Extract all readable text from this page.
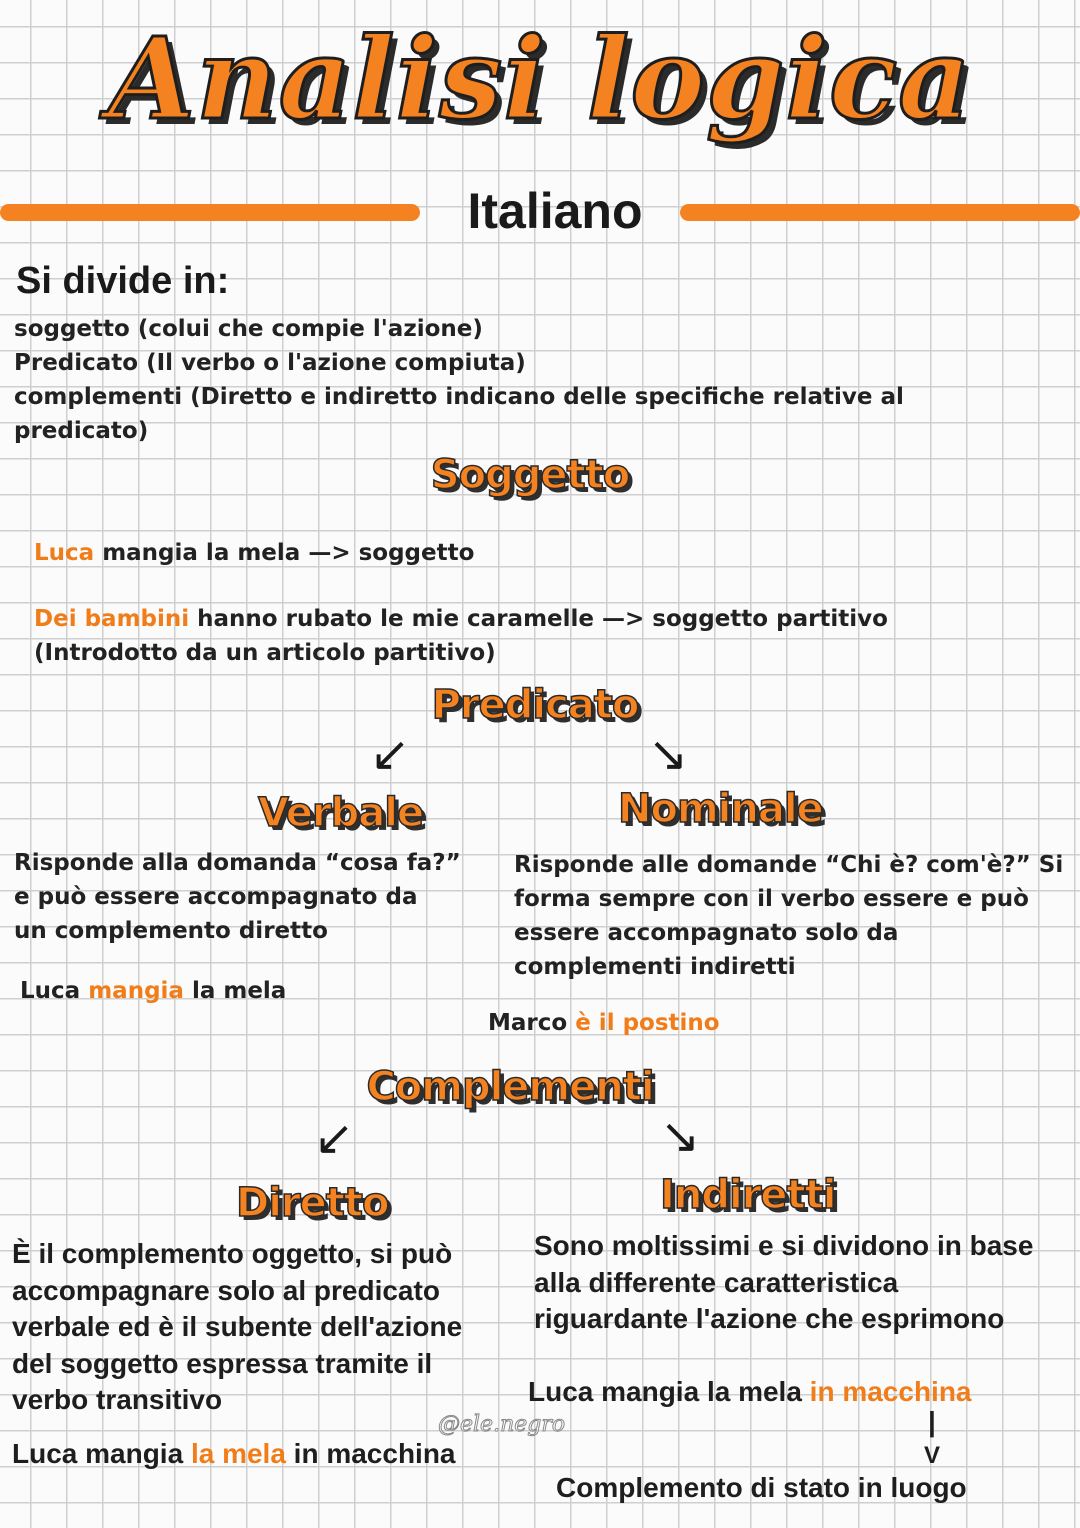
Analisi logica
Italiano
Si divide in:
soggetto (colui che compie l'azione)
Predicato (Il verbo o l'azione compiuta)
complementi (Diretto e indiretto indicano delle specifiche relative al
predicato)
Soggetto
Luca mangia la mela —> soggetto
Dei bambini hanno rubato le mie caramelle —> soggetto partitivo
(Introdotto da un articolo partitivo)
Predicato
↙	↘
Verbale	Nominale
Risponde alla domanda “cosa fa?”
e può essere accompagnato da
un complemento diretto
Risponde alle domande “Chi è? com'è?” Si
forma sempre con il verbo essere e può
essere accompagnato solo da
complementi indiretti
Luca mangia la mela
Marco è il postino
Complementi
↙	↘
Diretto	Indiretti
È il complemento oggetto, si può
accompagnare solo al predicato
verbale ed è il subente dell'azione
del soggetto espressa tramite il
verbo transitivo
Sono moltissimi e si dividono in base
alla differente caratteristica
riguardante l'azione che esprimono
Luca mangia la mela in macchina
@ele.negro	|
V
Luca mangia la mela in macchina
Complemento di stato in luogo
